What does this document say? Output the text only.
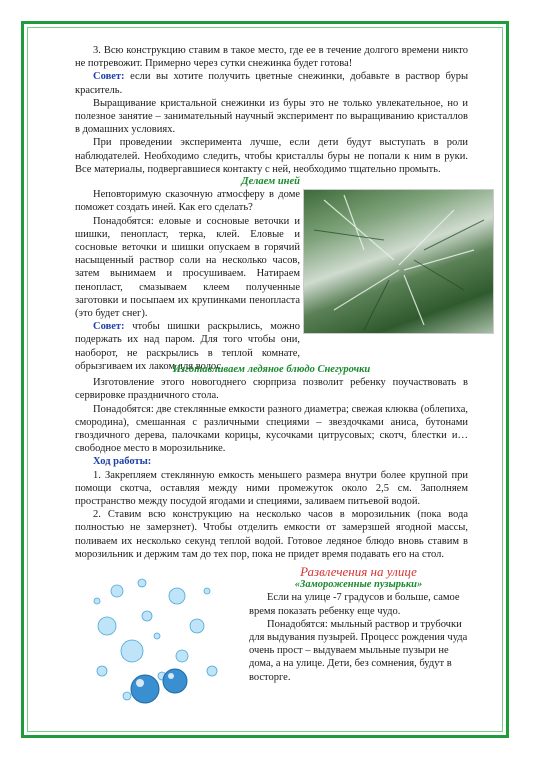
3. Всю конструкцию ставим в такое место, где ее в течение долгого времени никто не потревожит. Примерно через сутки снежинка будет готова!

Совет: если вы хотите получить цветные снежинки, добавьте в раствор буры краситель.

Выращивание кристальной снежинки из буры это не только увлекательное, но и полезное занятие – занимательный научный эксперимент по выращиванию кристаллов в домашних условиях.

При проведении эксперимента лучше, если дети будут выступать в роли наблюдателей. Необходимо следить, чтобы кристаллы буры не попали к ним в руки. Все материалы, подвергавшиеся контакту с ней, необходимо тщательно промыть.

Делаем иней

Неповторимую сказочную атмосферу в доме поможет создать иней. Как его сделать?

Понадобятся: еловые и сосновые веточки и шишки, пенопласт, терка, клей. Еловые и сосновые веточки и шишки опускаем в горячий насыщенный раствор соли на несколько часов, затем вынимаем и просушиваем. Натираем пенопласт, смазываем клеем полученные заготовки и посыпаем их крупинками пенопласта (это будет снег).

Совет: чтобы шишки раскрылись, можно подержать их над паром. Для того чтобы они, наоборот, не раскрылись в теплой комнате, обрызгиваем их лаком для волос.

Изготавливаем ледяное блюдо Снегурочки

Изготовление этого новогоднего сюрприза позволит ребенку поучаствовать в сервировке праздничного стола.

Понадобятся: две стеклянные емкости разного диаметра; свежая клюква (облепиха, смородина), смешанная с различными специями – звездочками аниса, бутонами гвоздичного дерева, палочками корицы, кусочками цитрусовых; скотч, блестки и… свободное место в морозильнике.

Ход работы:

1. Закрепляем стеклянную емкость меньшего размера внутри более крупной при помощи скотча, оставляя между ними промежуток около 2,5 см. Заполняем пространство между посудой ягодами и специями, заливаем питьевой водой.

2. Ставим всю конструкцию на несколько часов в морозильник (пока вода полностью не замерзнет). Чтобы отделить емкости от замерзшей ягодной массы, поливаем их несколько секунд теплой водой. Готовое ледяное блюдо вновь ставим в морозильник и держим там до тех пор, пока не придет время подавать его на стол.

Развлечения на улице
«Замороженные пузырьки»

Если на улице -7 градусов и больше, самое время показать ребенку еще чудо.

Понадобятся: мыльный раствор и трубочки для выдувания пузырей. Процесс рождения чуда очень прост – выдуваем мыльные пузыри не дома, а на улице. Дети, без сомнения, будут в восторге.
